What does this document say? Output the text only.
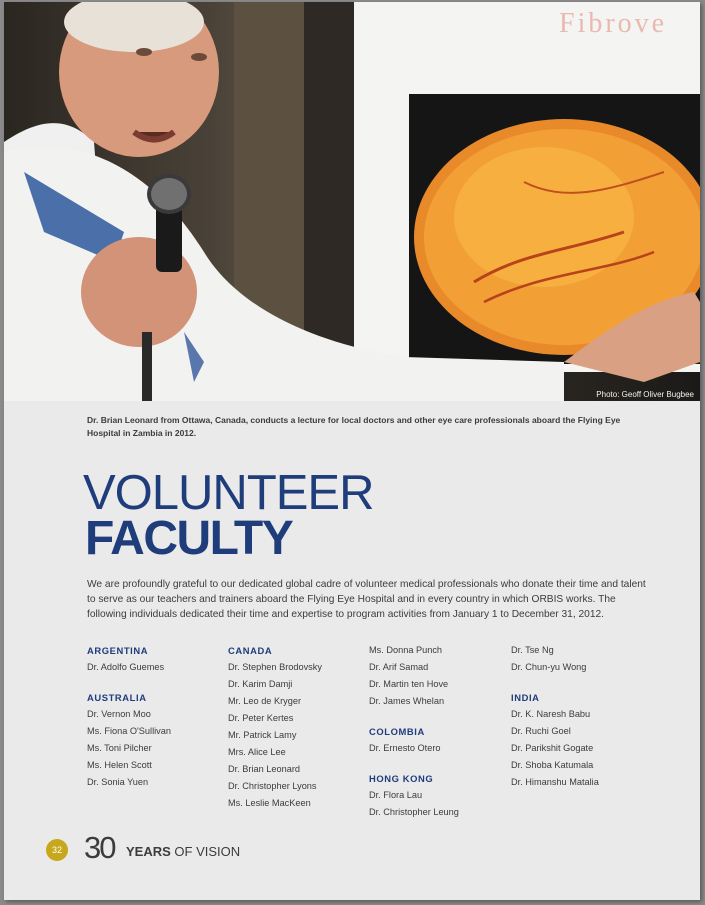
Fibrove
Photo: Geoff Oliver Bugbee
Dr. Brian Leonard from Ottawa, Canada, conducts a lecture for local doctors and other eye care professionals aboard the Flying Eye Hospital in Zambia in 2012.
VOLUNTEER
FACULTY
We are profoundly grateful to our dedicated global cadre of volunteer medical professionals who donate their time and talent to serve as our teachers and trainers aboard the Flying Eye Hospital and in every country in which ORBIS works. The following individuals dedicated their time and expertise to program activities from January 1 to December 31, 2012.
ARGENTINA
Dr. Adolfo Guemes
AUSTRALIA
Dr. Vernon Moo
Ms. Fiona O'Sullivan
Ms. Toni Pilcher
Ms. Helen Scott
Dr. Sonia Yuen
CANADA
Dr. Stephen Brodovsky
Dr. Karim Damji
Mr. Leo de Kryger
Dr. Peter Kertes
Mr. Patrick Lamy
Mrs. Alice Lee
Dr. Brian Leonard
Dr. Christopher Lyons
Ms. Leslie MacKeen
Ms. Donna Punch
Dr. Arif Samad
Dr. Martin ten Hove
Dr. James Whelan
COLOMBIA
Dr. Ernesto Otero
HONG KONG
Dr. Flora Lau
Dr. Christopher Leung
Dr. Tse Ng
Dr. Chun-yu Wong
INDIA
Dr. K. Naresh Babu
Dr. Ruchi Goel
Dr. Parikshit Gogate
Dr. Shoba Katumala
Dr. Himanshu Matalia
32 30 YEARS OF VISION
